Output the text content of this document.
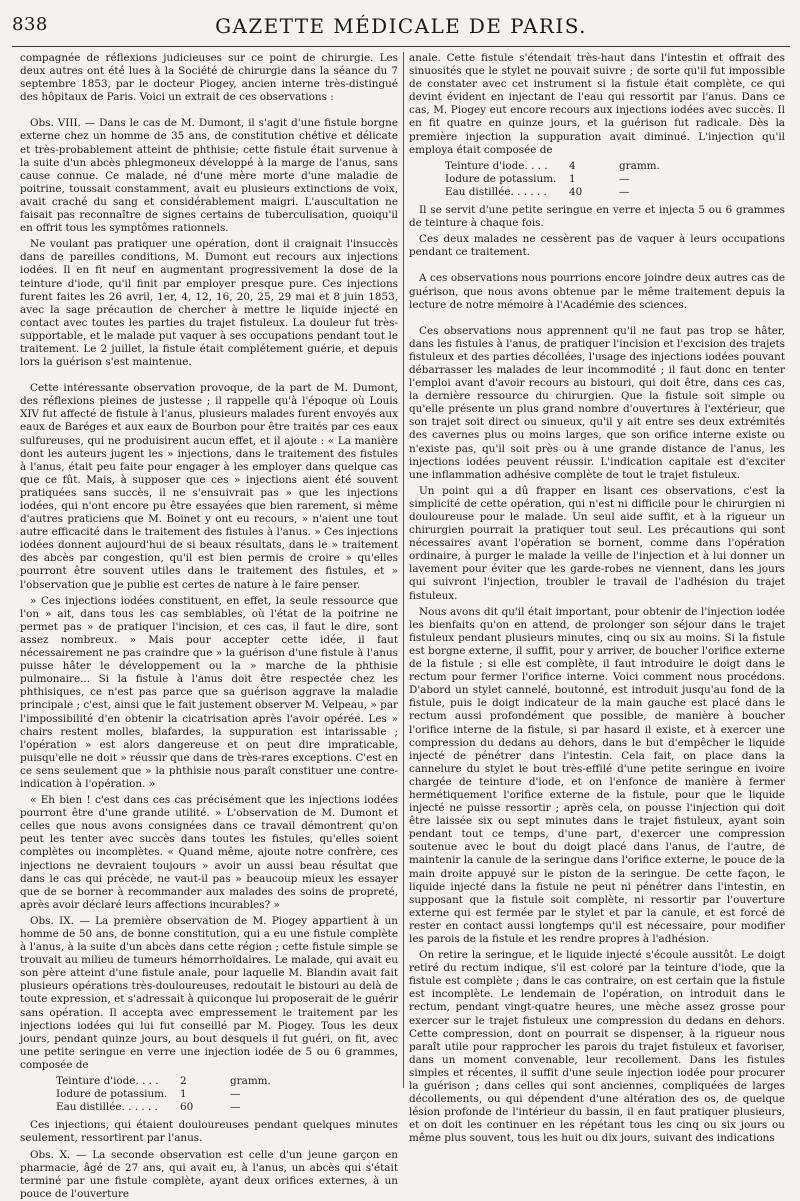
838	GAZETTE MÉDICALE DE PARIS.

compagnée de réflexions judicieuses sur ce point de chirurgie. Les deux autres ont été lues à la Société de chirurgie dans la séance du 7 septembre 1853, par le docteur Piogey, ancien interne très-distingué des hôpitaux de Paris. Voici un extrait de ces observations :

Obs. VIII. — Dans le cas de M. Dumont, il s'agit d'une fistule borgne externe chez un homme de 35 ans, de constitution chétive et délicate et très-probablement atteint de phthisie; cette fistule était survenue à la suite d'un abcès phlegmoneux développé à la marge de l'anus, sans cause connue. Ce malade, né d'une mère morte d'une maladie de poitrine, toussait constamment, avait eu plusieurs extinctions de voix, avait craché du sang et considérablement maigri. L'auscultation ne faisait pas reconnaître de signes certains de tuberculisation, quoiqu'il en offrit tous les symptômes rationnels.

Ne voulant pas pratiquer une opération, dont il craignait l'insuccès dans de pareilles conditions, M. Dumont eut recours aux injections iodées. Il en fit neuf en augmentant progressivement la dose de la teinture d'iode, qu'il finit par employer presque pure. Ces injections furent faites les 26 avril, 1er, 4, 12, 16, 20, 25, 29 mai et 8 juin 1853, avec la sage précaution de chercher à mettre le liquide injecté en contact avec toutes les parties du trajet fistuleux. La douleur fut très-supportable, et le malade put vaquer à ses occupations pendant tout le traitement. Le 2 juillet, la fistule était complétement guérie, et depuis lors la guérison s'est maintenue.

Cette intéressante observation provoque, de la part de M. Dumont, des réflexions pleines de justesse ; il rappelle qu'à l'époque où Louis XIV fut affecté de fistule à l'anus, plusieurs malades furent envoyés aux eaux de Baréges et aux eaux de Bourbon pour être traités par ces eaux sulfureuses, qui ne produisirent aucun effet, et il ajoute : « La manière dont les auteurs jugent les » injections, dans le traitement des fistules à l'anus, était peu faite pour engager à les employer dans quelque cas que ce fût. Mais, à supposer que ces » injections aient été souvent pratiquées sans succès, il ne s'ensuivrait pas » que les injections iodées, qui n'ont encore pu être essayées que bien rarement, si même d'autres praticiens que M. Boinet y ont eu recours, » n'aient une tout autre efficacité dans le traitement des fistules à l'anus. » Ces injections iodées donnent aujourd'hui de si beaux résultats, dans le » traitement des abcès par congestion, qu'il est bien permis de croire » qu'elles pourront être souvent utiles dans le traitement des fistules, et » l'observation que je publie est certes de nature à le faire penser.

» Ces injections iodées constituent, en effet, la seule ressource que l'on » ait, dans tous les cas semblables, où l'état de la poitrine ne permet pas » de pratiquer l'incision, et ces cas, il faut le dire, sont assez nombreux. » Mais pour accepter cette idée, il faut nécessairement ne pas craindre que » la guérison d'une fistule à l'anus puisse hâter le développement ou la » marche de la phthisie pulmonaire... Si la fistule à l'anus doit être respectée chez les phthisiques, ce n'est pas parce que sa guérison aggrave la maladie principale ; c'est, ainsi que le fait justement observer M. Velpeau, » par l'impossibilité d'en obtenir la cicatrisation après l'avoir opérée. Les » chairs restent molles, blafardes, la suppuration est intarissable ; l'opération » est alors dangereuse et on peut dire impraticable, puisqu'elle ne doit » réussir que dans de très-rares exceptions. C'est en ce sens seulement que » la phthisie nous paraît constituer une contre-indication à l'opération. »

« Eh bien ! c'est dans ces cas précisément que les injections iodées pourront être d'une grande utilité. » L'observation de M. Dumont et celles que nous avons consignées dans ce travail démontrent qu'on peut les tenter avec succès dans toutes les fistules, qu'elles soient complètes ou incomplètes. « Quand même, ajoute notre confrère, ces injections ne devraient toujours » avoir un aussi beau résultat que dans le cas qui précède, ne vaut-il pas » beaucoup mieux les essayer que de se borner à recommander aux malades des soins de propreté, après avoir déclaré leurs affections incurables? »

Obs. IX. — La première observation de M. Piogey appartient à un homme de 50 ans, de bonne constitution, qui a eu une fistule complète à l'anus, à la suite d'un abcès dans cette région ; cette fistule simple se trouvait au milieu de tumeurs hémorrhoïdaires. Le malade, qui avait eu son père atteint d'une fistule anale, pour laquelle M. Blandin avait fait plusieurs opérations très-douloureuses, redoutait le bistouri au delà de toute expression, et s'adressait à quiconque lui proposerait de le guérir sans opération. Il accepta avec empressement le traitement par les injections iodées qui lui fut conseillé par M. Piogey. Tous les deux jours, pendant quinze jours, au bout desquels il fut guéri, on fit, avec une petite seringue en verre une injection iodée de 5 ou 6 grammes, composée de

Teinture d'iode. . . .	2	gramm.
Iodure de potassium.	1	—
Eau distillée. . . . . .	60	—

Ces injections, qui étaient douloureuses pendant quelques minutes seulement, ressortirent par l'anus.

Obs. X. — La seconde observation est celle d'un jeune garçon en pharmacie, âgé de 27 ans, qui avait eu, à l'anus, un abcès qui s'était terminé par une fistule complète, ayant deux orifices externes, à un pouce de l'ouverture

anale. Cette fistule s'étendait très-haut dans l'intestin et offrait des sinuosités que le stylet ne pouvait suivre ; de sorte qu'il fut impossible de constater avec cet instrument si la fistule était complète, ce qui devint évident en injectant de l'eau qui ressortit par l'anus. Dans ce cas, M. Piogey eut encore recours aux injections iodées avec succès. Il en fit quatre en quinze jours, et la guérison fut radicale. Dès la première injection la suppuration avait diminué. L'injection qu'il employa était composée de

Teinture d'iode. . . .	4	gramm.
Iodure de potassium.	1	—
Eau distillée. . . . . .	40	—

Il se servit d'une petite seringue en verre et injecta 5 ou 6 grammes de teinture à chaque fois.

Ces deux malades ne cessèrent pas de vaquer à leurs occupations pendant ce traitement.

A ces observations nous pourrions encore joindre deux autres cas de guérison, que nous avons obtenue par le même traitement depuis la lecture de notre mémoire à l'Académie des sciences.

Ces observations nous apprennent qu'il ne faut pas trop se hâter, dans les fistules à l'anus, de pratiquer l'incision et l'excision des trajets fistuleux et des parties décollées, l'usage des injections iodées pouvant débarrasser les malades de leur incommodité ; il faut donc en tenter l'emploi avant d'avoir recours au bistouri, qui doit être, dans ces cas, la dernière ressource du chirurgien. Que la fistule soit simple ou qu'elle présente un plus grand nombre d'ouvertures à l'extérieur, que son trajet soit direct ou sinueux, qu'il y ait entre ses deux extrémités des cavernes plus ou moins larges, que son orifice interne existe ou n'existe pas, qu'il soit près ou à une grande distance de l'anus, les injections iodées peuvent réussir. L'indication capitale est d'exciter une inflammation adhésive complète de tout le trajet fistuleux.

Un point qui a dû frapper en lisant ces observations, c'est la simplicité de cette opération, qui n'est ni difficile pour le chirurgien ni douloureuse pour le malade. Un seul aide suffit, et à la rigueur un chirurgien pourrait la pratiquer tout seul. Les précautions qui sont nécessaires avant l'opération se bornent, comme dans l'opération ordinaire, à purger le malade la veille de l'injection et à lui donner un lavement pour éviter que les garde-robes ne viennent, dans les jours qui suivront l'injection, troubler le travail de l'adhésion du trajet fistuleux.

Nous avons dit qu'il était important, pour obtenir de l'injection iodée les bienfaits qu'on en attend, de prolonger son séjour dans le trajet fistuleux pendant plusieurs minutes, cinq ou six au moins. Si la fistule est borgne externe, il suffit, pour y arriver, de boucher l'orifice externe de la fistule ; si elle est complète, il faut introduire le doigt dans le rectum pour fermer l'orifice interne. Voici comment nous procédons. D'abord un stylet cannelé, boutonné, est introduit jusqu'au fond de la fistule, puis le doigt indicateur de la main gauche est placé dans le rectum aussi profondément que possible, de manière à boucher l'orifice interne de la fistule, si par hasard il existe, et à exercer une compression du dedans au dehors, dans le but d'empêcher le liquide injecté de pénétrer dans l'intestin. Cela fait, on place dans la cannelure du stylet le bout très-effilé d'une petite seringue en ivoire chargée de teinture d'iode, et on l'enfonce de manière à fermer hermétiquement l'orifice externe de la fistule, pour que le liquide injecté ne puisse ressortir ; après cela, on pousse l'injection qui doit être laissée six ou sept minutes dans le trajet fistuleux, ayant soin pendant tout ce temps, d'une part, d'exercer une compression soutenue avec le bout du doigt placé dans l'anus, de l'autre, de maintenir la canule de la seringue dans l'orifice externe, le pouce de la main droite appuyé sur le piston de la seringue. De cette façon, le liquide injecté dans la fistule ne peut ni pénétrer dans l'intestin, en supposant que la fistule soit complète, ni ressortir par l'ouverture externe qui est fermée par le stylet et par la canule, et est forcé de rester en contact aussi longtemps qu'il est nécessaire, pour modifier les parois de la fistule et les rendre propres à l'adhésion.

On retire la seringue, et le liquide injecté s'écoule aussitôt. Le doigt retiré du rectum indique, s'il est coloré par la teinture d'iode, que la fistule est complète ; dans le cas contraire, on est certain que la fistule est incomplète. Le lendemain de l'opération, on introduit dans le rectum, pendant vingt-quatre heures, une mèche assez grosse pour exercer sur le trajet fistuleux une compression du dedans en dehors. Cette compression, dont on pourrait se dispenser, à la rigueur nous paraît utile pour rapprocher les parois du trajet fistuleux et favoriser, dans un moment convenable, leur recollement. Dans les fistules simples et récentes, il suffit d'une seule injection iodée pour procurer la guérison ; dans celles qui sont anciennes, compliquées de larges décollements, ou qui dépendent d'une altération des os, de quelque lésion profonde de l'intérieur du bassin, il en faut pratiquer plusieurs, et on doit les continuer en les répétant tous les cinq ou six jours ou même plus souvent, tous les huit ou dix jours, suivant des indications
